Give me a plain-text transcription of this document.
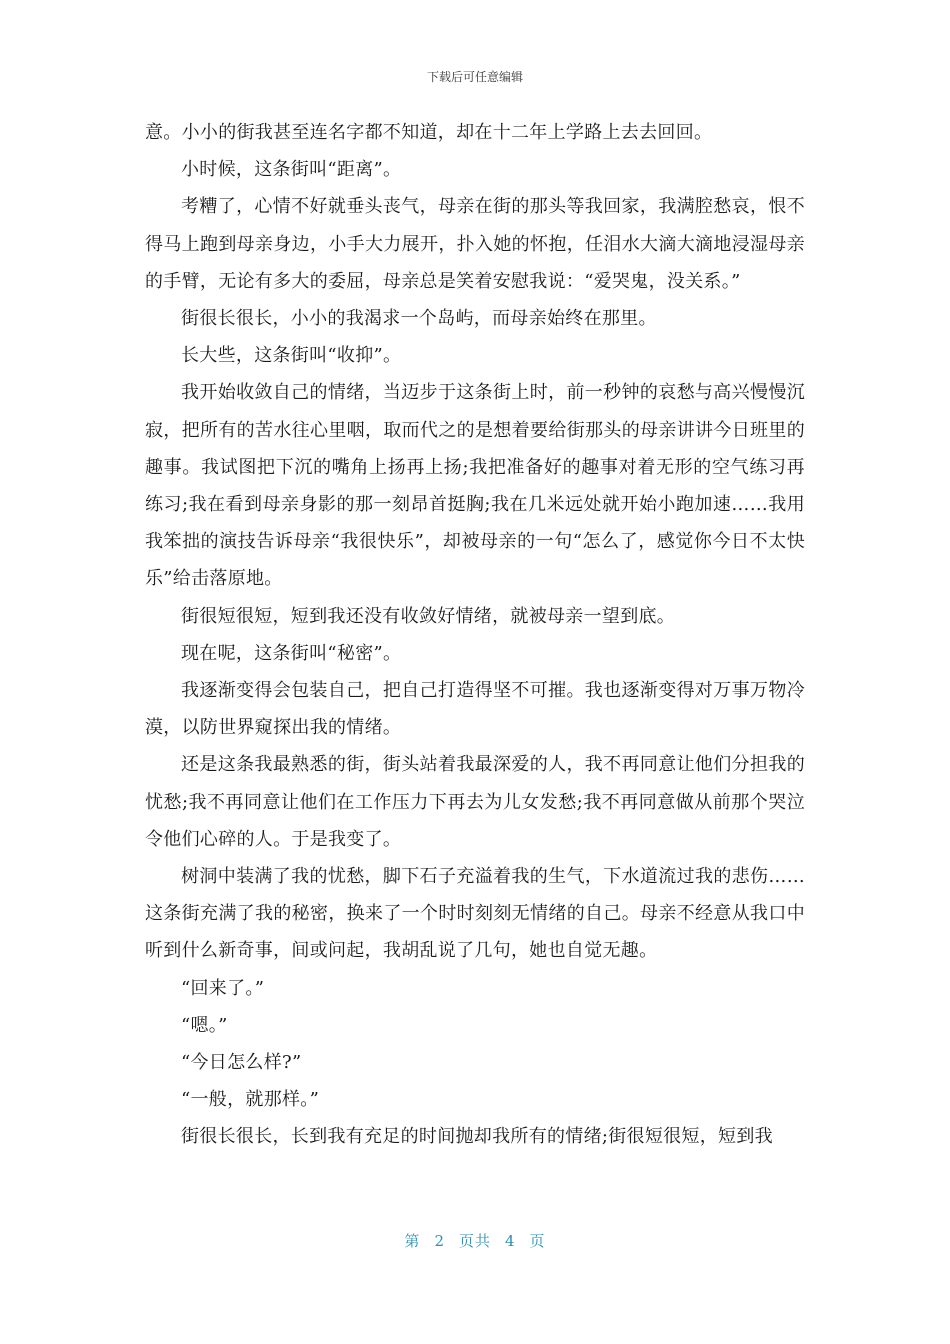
下载后可任意编辑

意。小小的街我甚至连名字都不知道，却在十二年上学路上去去回回。

小时候，这条街叫“距离”。

考糟了，心情不好就垂头丧气，母亲在街的那头等我回家，我满腔愁哀，恨不得马上跑到母亲身边，小手大力展开，扑入她的怀抱，任泪水大滴大滴地浸湿母亲的手臂，无论有多大的委屈，母亲总是笑着安慰我说：“爱哭鬼，没关系。”

街很长很长，小小的我渴求一个岛屿，而母亲始终在那里。

长大些，这条街叫“收抑”。

我开始收敛自己的情绪，当迈步于这条街上时，前一秒钟的哀愁与高兴慢慢沉寂，把所有的苦水往心里咽，取而代之的是想着要给街那头的母亲讲讲今日班里的趣事。我试图把下沉的嘴角上扬再上扬;我把准备好的趣事对着无形的空气练习再练习;我在看到母亲身影的那一刻昂首挺胸;我在几米远处就开始小跑加速……我用我笨拙的演技告诉母亲“我很快乐”，却被母亲的一句“怎么了，感觉你今日不太快乐”给击落原地。

街很短很短，短到我还没有收敛好情绪，就被母亲一望到底。

现在呢，这条街叫“秘密”。

我逐渐变得会包装自己，把自己打造得坚不可摧。我也逐渐变得对万事万物冷漠，以防世界窥探出我的情绪。

还是这条我最熟悉的街，街头站着我最深爱的人，我不再同意让他们分担我的忧愁;我不再同意让他们在工作压力下再去为儿女发愁;我不再同意做从前那个哭泣令他们心碎的人。于是我变了。

树洞中装满了我的忧愁，脚下石子充溢着我的生气，下水道流过我的悲伤……这条街充满了我的秘密，换来了一个时时刻刻无情绪的自己。母亲不经意从我口中听到什么新奇事，间或问起，我胡乱说了几句，她也自觉无趣。

“回来了。”

“嗯。”

“今日怎么样?”

“一般，就那样。”

街很长很长，长到我有充足的时间抛却我所有的情绪;街很短很短，短到我

第 2 页共 4 页
